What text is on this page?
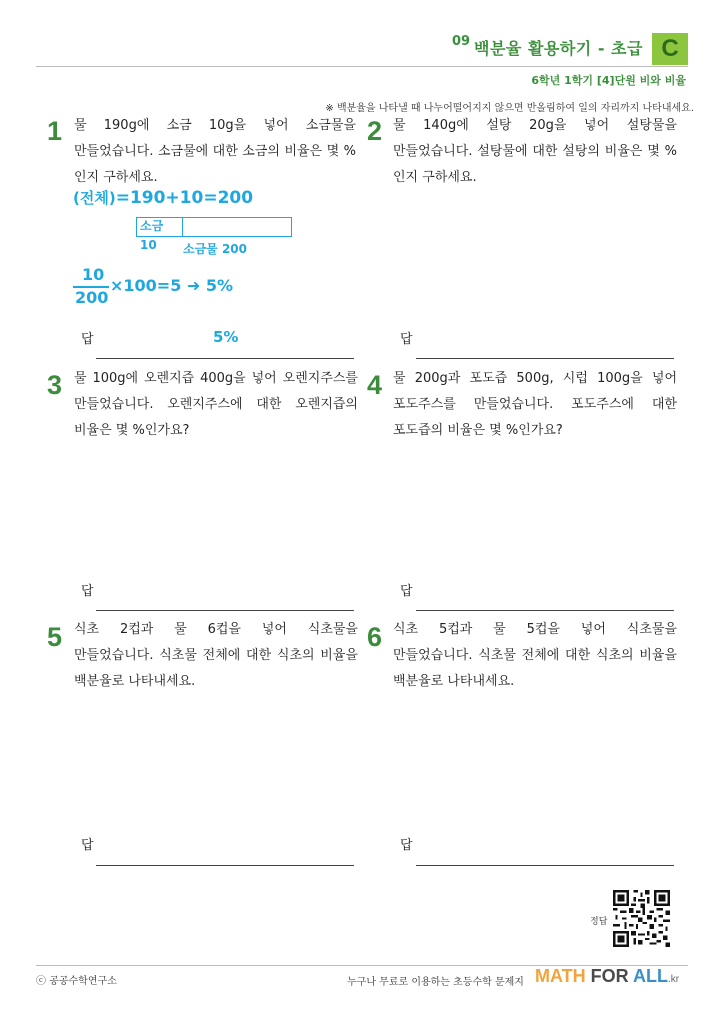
09 백분율 활용하기 - 초급 C
6학년 1학기 [4]단원 비와 비율
※ 백분율을 나타낼 때 나누어떨어지지 않으면 반올림하여 일의 자리까지 나타내세요.
1 물 190g에 소금 10g을 넣어 소금물을 만들었습니다. 소금물에 대한 소금의 비율은 몇 %인지 구하세요.
(전체)=190+10=200
소금 10	소금물 200
10
200
×100=5 ➜ 5%
답	5%
2 물 140g에 설탕 20g을 넣어 설탕물을 만들었습니다. 설탕물에 대한 설탕의 비율은 몇 %인지 구하세요.
답
3 물 100g에 오렌지즙 400g을 넣어 오렌지주스를 만들었습니다. 오렌지주스에 대한 오렌지즙의 비율은 몇 %인가요?
답
4 물 200g과 포도즙 500g, 시럽 100g을 넣어 포도주스를 만들었습니다. 포도주스에 대한 포도즙의 비율은 몇 %인가요?
답
5 식초 2컵과 물 6컵을 넣어 식초물을 만들었습니다. 식초물 전체에 대한 식초의 비율을 백분율로 나타내세요.
답
6 식초 5컵과 물 5컵을 넣어 식초물을 만들었습니다. 식초물 전체에 대한 식초의 비율을 백분율로 나타내세요.
답
정답
ⓒ 공공수학연구소	누구나 무료로 이용하는 초등수학 문제지 MATH FOR ALL.kr
